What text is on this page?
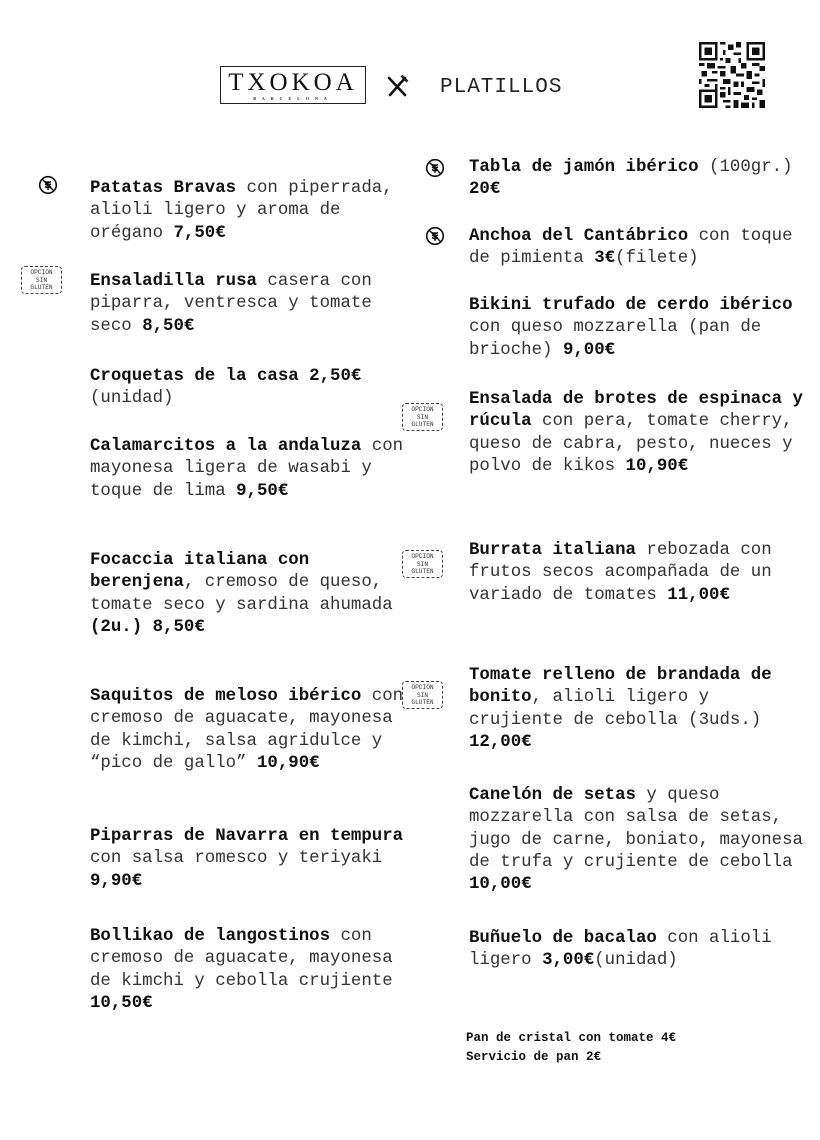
TXOKOA
BARCELONA	PLATILLOS
Patatas Bravas con piperrada, alioli ligero y aroma de orégano 7,50€
Ensaladilla rusa casera con piparra, ventresca y tomate seco 8,50€
OPCION
SIN
GLUTEN
Croquetas de la casa 2,50€(unidad)
Calamarcitos a la andaluza con mayonesa ligera de wasabi y toque de lima 9,50€
Focaccia italiana con berenjena, cremoso de queso, tomate seco y sardina ahumada (2u.) 8,50€
Saquitos de meloso ibérico con cremoso de aguacate, mayonesa de kimchi, salsa agridulce y “pico de gallo” 10,90€
Piparras de Navarra en tempura con salsa romesco y teriyaki 9,90€
Bollikao de langostinos con cremoso de aguacate, mayonesa de kimchi y cebolla crujiente 10,50€
Tabla de jamón ibérico (100gr.) 20€
Anchoa del Cantábrico con toque de pimienta 3€(filete)
Bikini trufado de cerdo ibérico con queso mozzarella (pan de brioche) 9,00€
Ensalada de brotes de espinaca y rúcula con pera, tomate cherry, queso de cabra, pesto, nueces y polvo de kikos 10,90€
OPCION
SIN
GLUTEN
Burrata italiana rebozada con frutos secos acompañada de un variado de tomates 11,00€
OPCION
SIN
GLUTEN
Tomate relleno de brandada de bonito, alioli ligero y crujiente de cebolla (3uds.) 12,00€
OPCION
SIN
GLUTEN
Canelón de setas y queso mozzarella con salsa de setas, jugo de carne, boniato, mayonesa de trufa y crujiente de cebolla 10,00€
Buñuelo de bacalao con alioli ligero 3,00€(unidad)
Pan de cristal con tomate 4€
Servicio de pan 2€
